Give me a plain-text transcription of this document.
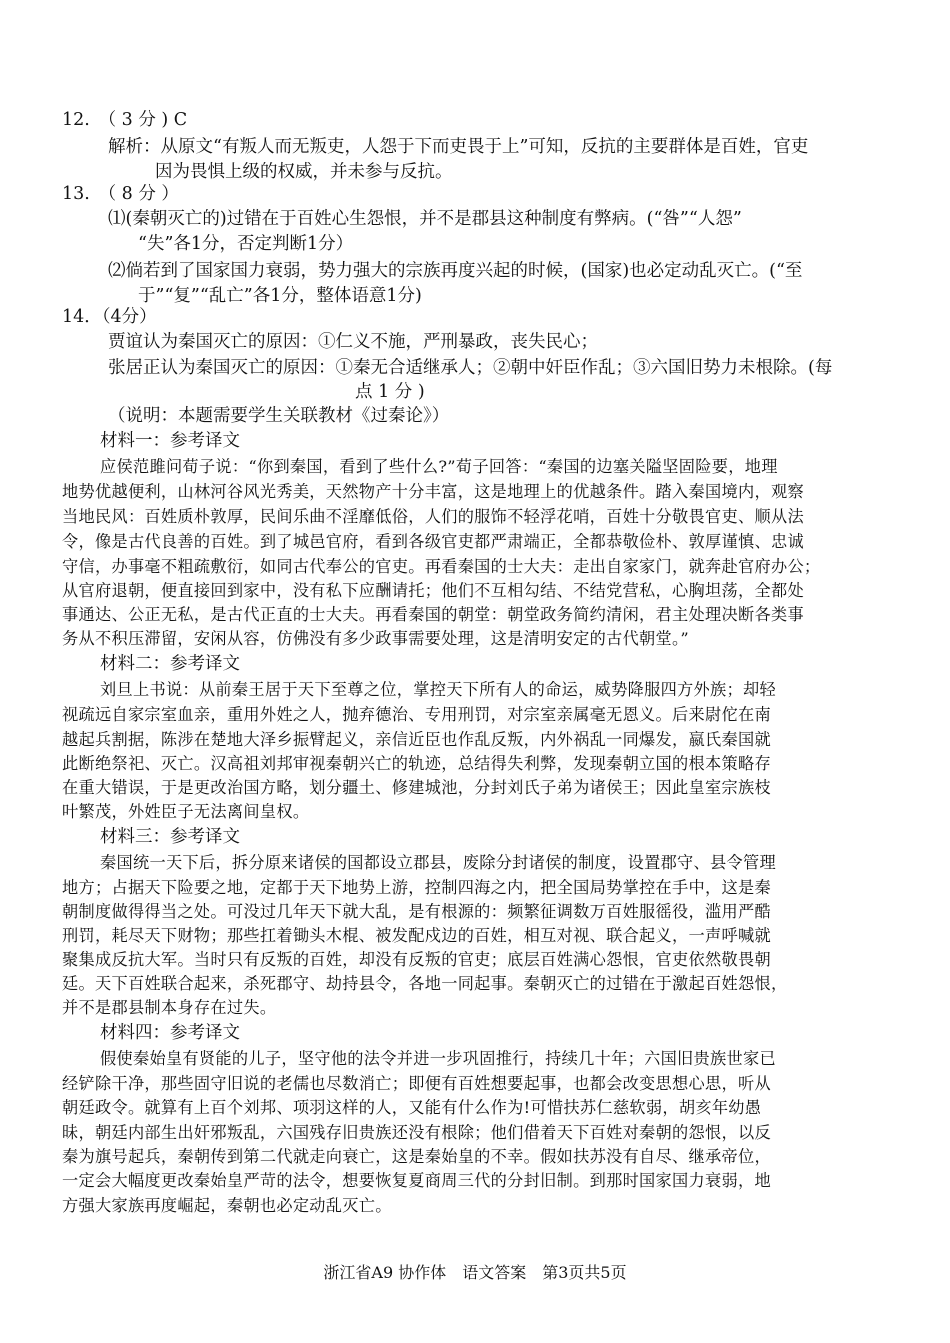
12.　（ 3 分 ) C
解析：从原文“有叛人而无叛吏，人怨于下而吏畏于上”可知，反抗的主要群体是百姓，官吏
因为畏惧上级的权威，并未参与反抗。
13.　（ 8 分 ）
⑴(秦朝灭亡的)过错在于百姓心生怨恨，并不是郡县这种制度有弊病。(“咎”“人怨”
“失”各1分，否定判断1分）
⑵倘若到了国家国力衰弱，势力强大的宗族再度兴起的时候，(国家)也必定动乱灭亡。(“至
于”“复”“乱亡”各1分，整体语意1分)
14．（4分）
贾谊认为秦国灭亡的原因：①仁义不施，严刑暴政，丧失民心；
张居正认为秦国灭亡的原因：①秦无合适继承人；②朝中奸臣作乱；③六国旧势力未根除。(每
点 1 分 )
（说明：本题需要学生关联教材《过秦论》）
材料一：参考译文
应侯范雎问荀子说：“你到秦国，看到了些什么?”荀子回答：“秦国的边塞关隘坚固险要，地理
地势优越便利，山林河谷风光秀美，天然物产十分丰富，这是地理上的优越条件。踏入秦国境内，观察
当地民风：百姓质朴敦厚，民间乐曲不淫靡低俗，人们的服饰不轻浮花哨，百姓十分敬畏官吏、顺从法
令，像是古代良善的百姓。到了城邑官府，看到各级官吏都严肃端正，全都恭敬俭朴、敦厚谨慎、忠诚
守信，办事毫不粗疏敷衍，如同古代奉公的官吏。再看秦国的士大夫：走出自家家门，就奔赴官府办公；
从官府退朝，便直接回到家中，没有私下应酬请托；他们不互相勾结、不结党营私，心胸坦荡，全都处
事通达、公正无私，是古代正直的士大夫。再看秦国的朝堂：朝堂政务简约清闲，君主处理决断各类事
务从不积压滞留，安闲从容，仿佛没有多少政事需要处理，这是清明安定的古代朝堂。”
材料二：参考译文
刘旦上书说：从前秦王居于天下至尊之位，掌控天下所有人的命运，威势降服四方外族；却轻
视疏远自家宗室血亲，重用外姓之人，抛弃德治、专用刑罚，对宗室亲属毫无恩义。后来尉佗在南
越起兵割据，陈涉在楚地大泽乡振臂起义，亲信近臣也作乱反叛，内外祸乱一同爆发，嬴氏秦国就
此断绝祭祀、灭亡。汉高祖刘邦审视秦朝兴亡的轨迹，总结得失利弊，发现秦朝立国的根本策略存
在重大错误，于是更改治国方略，划分疆土、修建城池，分封刘氏子弟为诸侯王；因此皇室宗族枝
叶繁茂，外姓臣子无法离间皇权。
材料三：参考译文
秦国统一天下后，拆分原来诸侯的国都设立郡县，废除分封诸侯的制度，设置郡守、县令管理
地方；占据天下险要之地，定都于天下地势上游，控制四海之内，把全国局势掌控在手中，这是秦
朝制度做得得当之处。可没过几年天下就大乱，是有根源的：频繁征调数万百姓服徭役，滥用严酷
刑罚，耗尽天下财物；那些扛着锄头木棍、被发配戍边的百姓，相互对视、联合起义，一声呼喊就
聚集成反抗大军。当时只有反叛的百姓，却没有反叛的官吏；底层百姓满心怨恨，官吏依然敬畏朝
廷。天下百姓联合起来，杀死郡守、劫持县令，各地一同起事。秦朝灭亡的过错在于激起百姓怨恨，
并不是郡县制本身存在过失。
材料四：参考译文
假使秦始皇有贤能的儿子，坚守他的法令并进一步巩固推行，持续几十年；六国旧贵族世家已
经铲除干净，那些固守旧说的老儒也尽数消亡；即便有百姓想要起事，也都会改变思想心思，听从
朝廷政令。就算有上百个刘邦、项羽这样的人，又能有什么作为!可惜扶苏仁慈软弱，胡亥年幼愚
昧，朝廷内部生出奸邪叛乱，六国残存旧贵族还没有根除；他们借着天下百姓对秦朝的怨恨，以反
秦为旗号起兵，秦朝传到第二代就走向衰亡，这是秦始皇的不幸。假如扶苏没有自尽、继承帝位，
一定会大幅度更改秦始皇严苛的法令，想要恢复夏商周三代的分封旧制。到那时国家国力衰弱，地
方强大家族再度崛起，秦朝也必定动乱灭亡。
浙江省A9 协作体　语文答案　第3页共5页
